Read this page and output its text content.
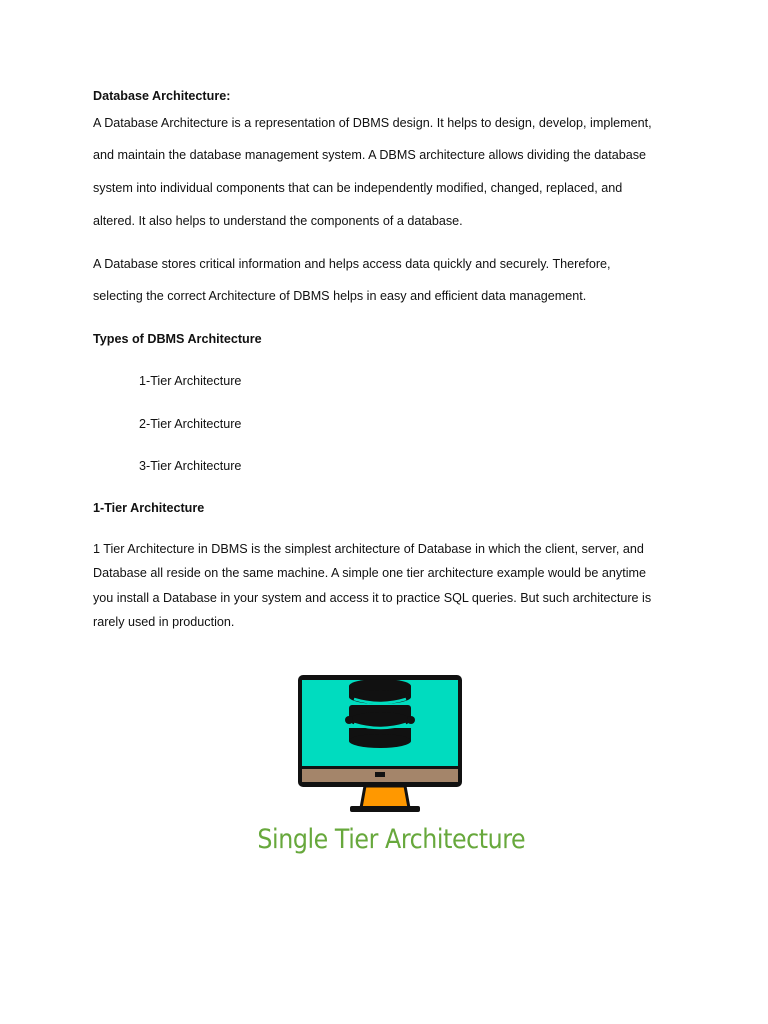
Database Architecture:
A Database Architecture is a representation of DBMS design. It helps to design, develop, implement,
and maintain the database management system. A DBMS architecture allows dividing the database
system into individual components that can be independently modified, changed, replaced, and
altered. It also helps to understand the components of a database.
A Database stores critical information and helps access data quickly and securely. Therefore,
selecting the correct Architecture of DBMS helps in easy and efficient data management.
Types of DBMS Architecture
1-Tier Architecture
2-Tier Architecture
3-Tier Architecture
1-Tier Architecture
1 Tier Architecture in DBMS is the simplest architecture of Database in which the client, server, and
Database all reside on the same machine. A simple one tier architecture example would be anytime
you install a Database in your system and access it to practice SQL queries. But such architecture is
rarely used in production.
Single Tier Architecture
